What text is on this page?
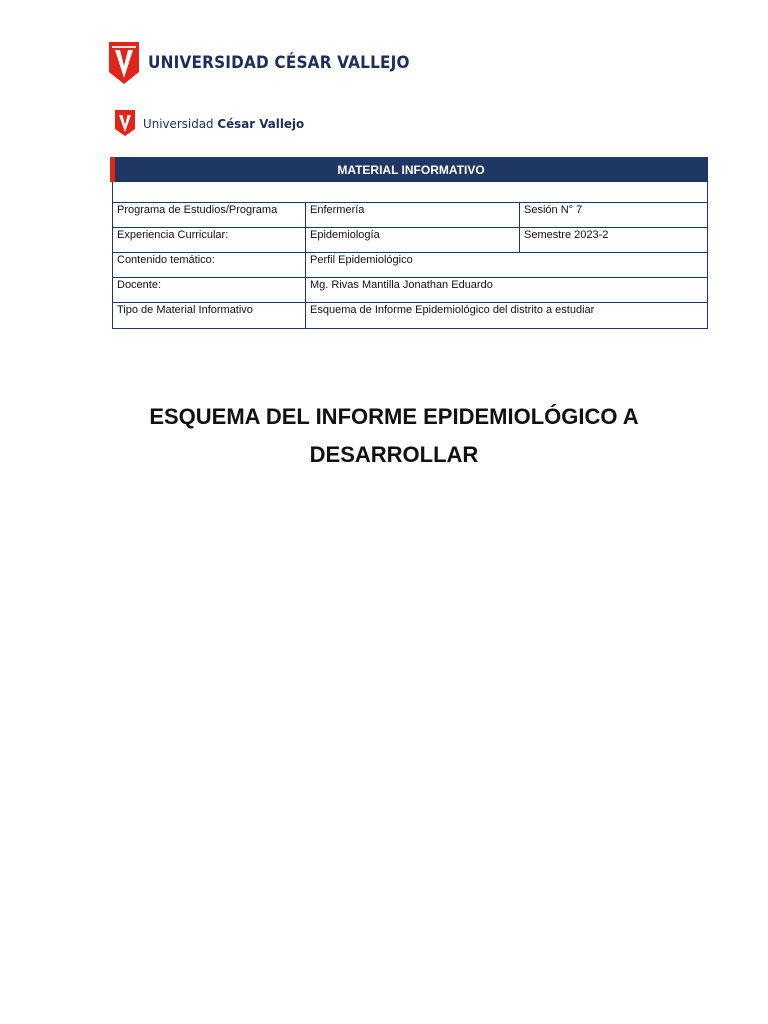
UNIVERSIDAD CÉSAR VALLEJO
Universidad César Vallejo
MATERIAL INFORMATIVO		

Programa de Estudios/Programa	Enfermería	Sesión N° 7
Experiencia Curricular:	Epidemiología	Semestre 2023-2
Contenido temático:	Perfil Epidemiológico	
Docente:	Mg. Rivas Mantilla Jonathan Eduardo	
Tipo de Material Informativo	Esquema de Informe Epidemiológico del distrito a estudiar	
ESQUEMA DEL INFORME EPIDEMIOLÓGICO A
DESARROLLAR
